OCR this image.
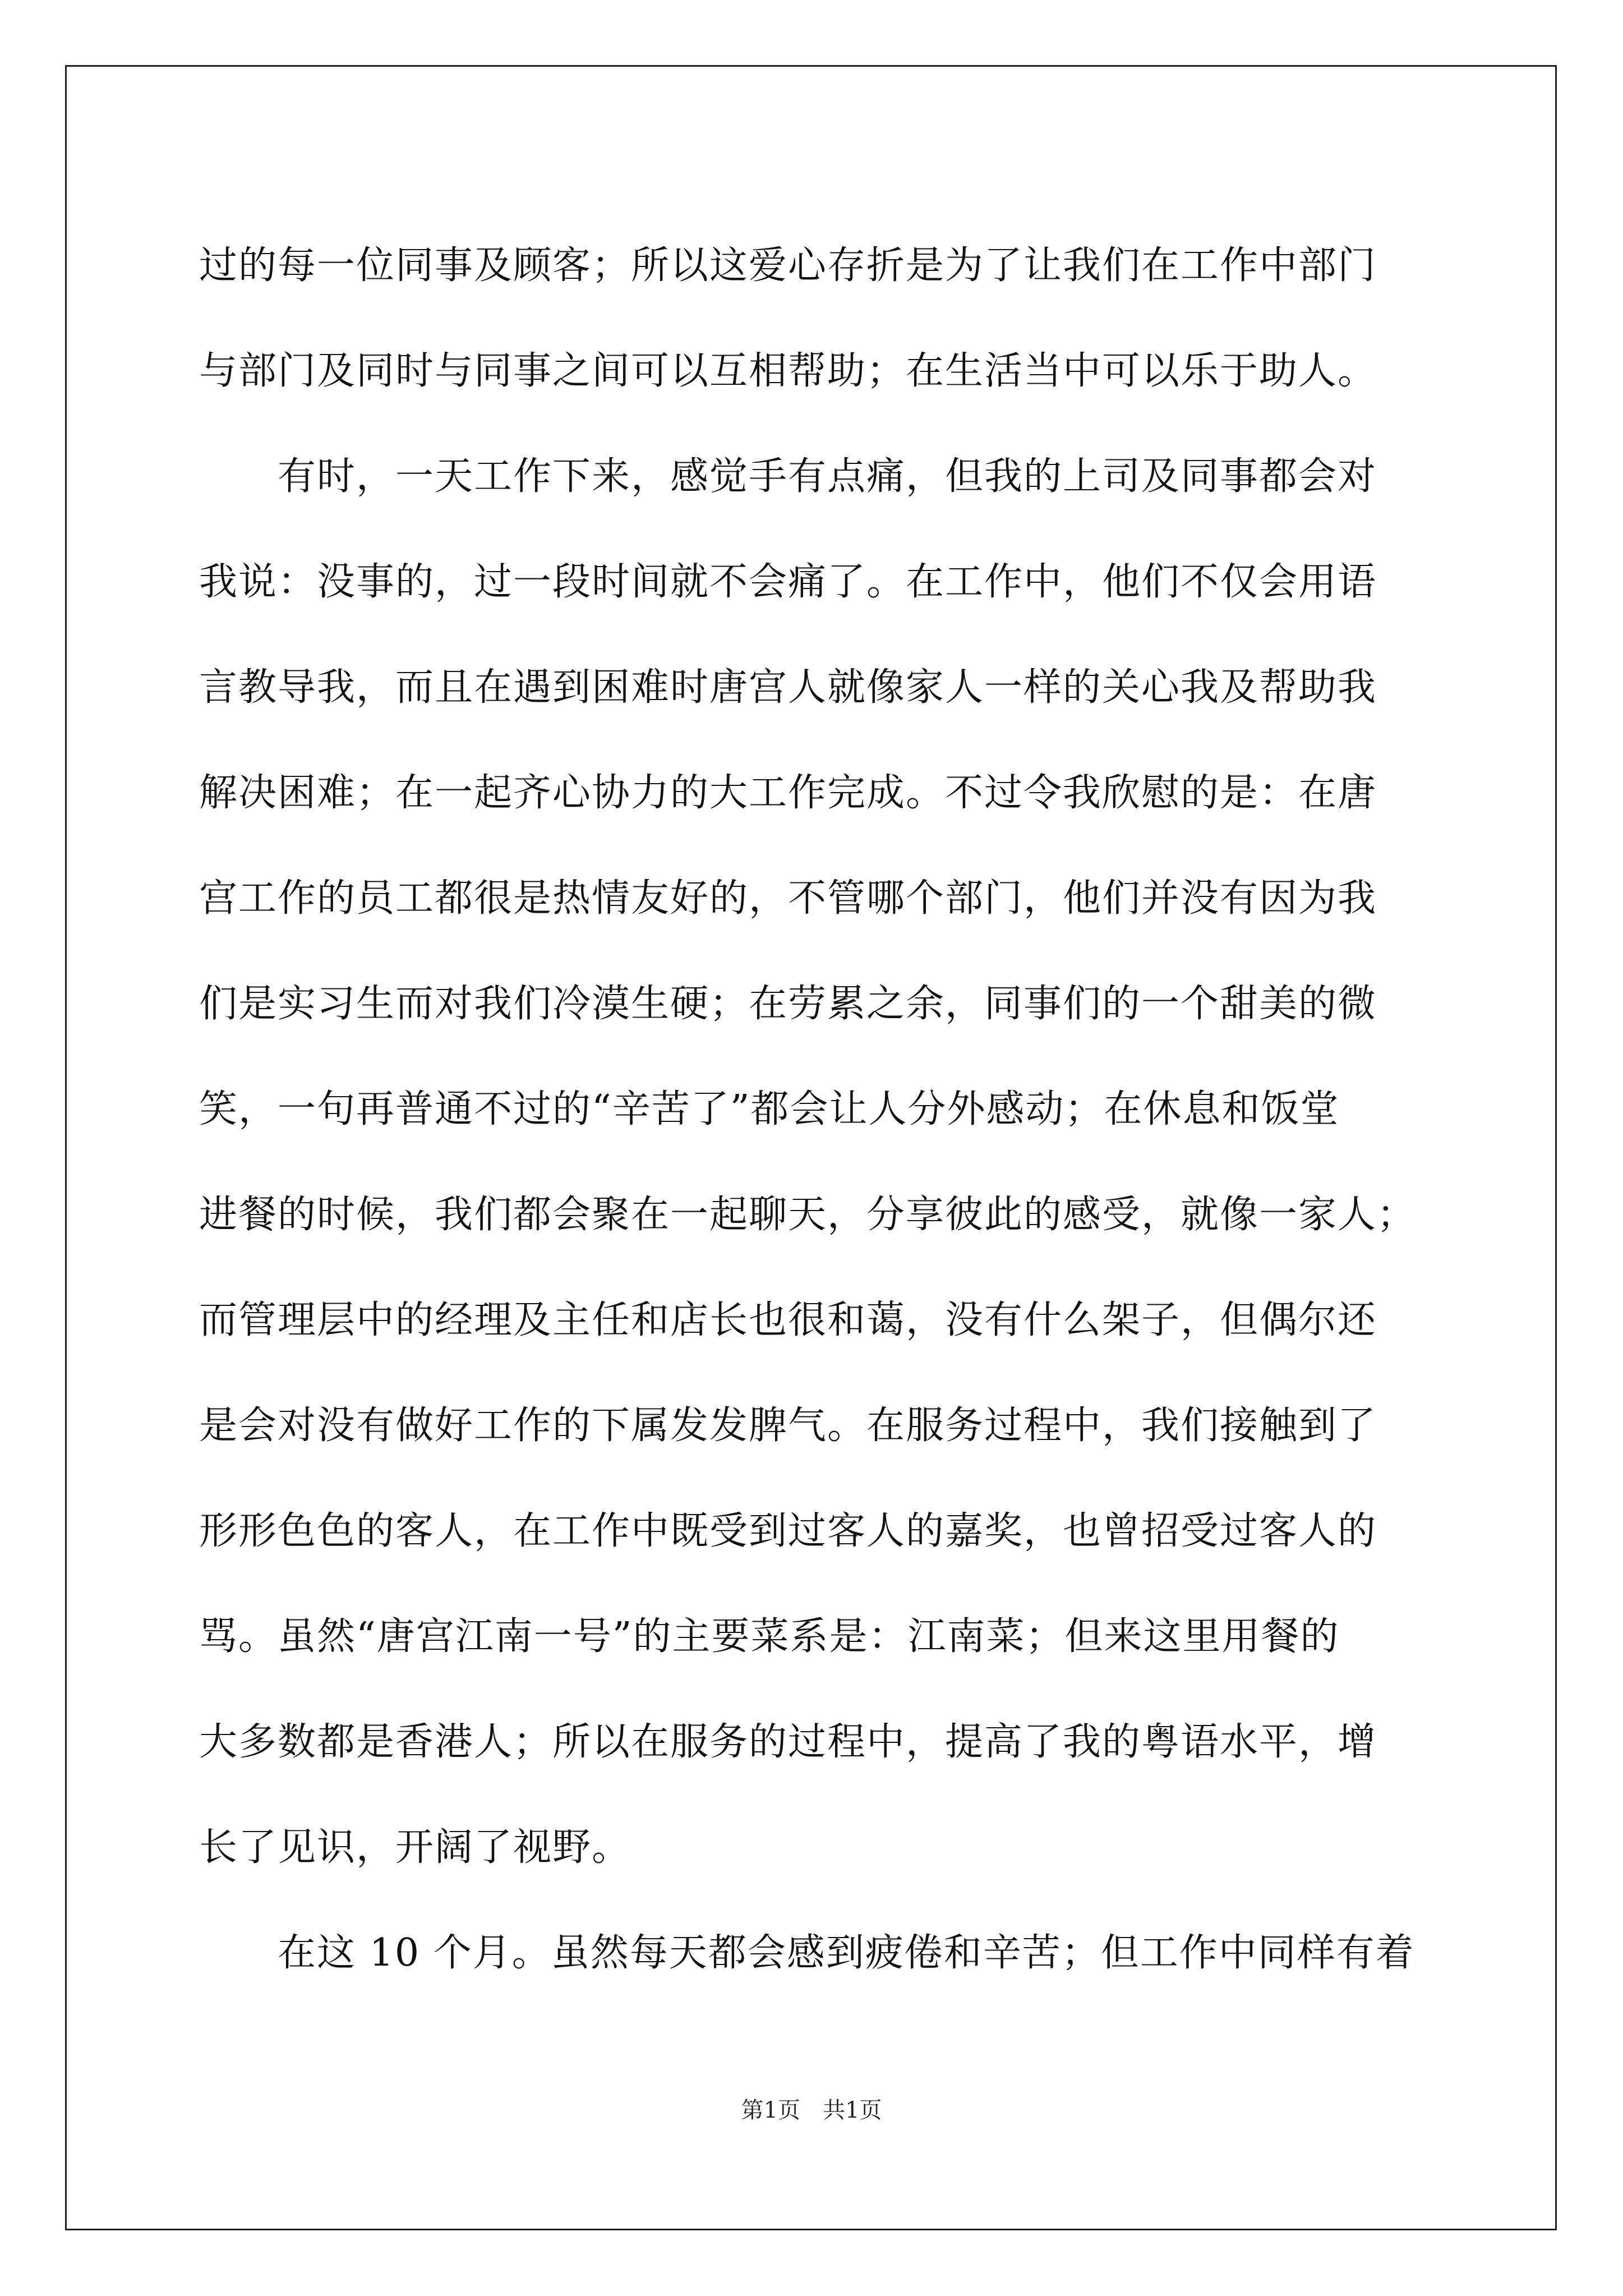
过的每一位同事及顾客；所以这爱心存折是为了让我们在工作中部门
与部门及同时与同事之间可以互相帮助；在生活当中可以乐于助人。
有时，一天工作下来，感觉手有点痛，但我的上司及同事都会对
我说：没事的，过一段时间就不会痛了。在工作中，他们不仅会用语
言教导我，而且在遇到困难时唐宫人就像家人一样的关心我及帮助我
解决困难；在一起齐心协力的大工作完成。不过令我欣慰的是：在唐
宫工作的员工都很是热情友好的，不管哪个部门，他们并没有因为我
们是实习生而对我们冷漠生硬；在劳累之余，同事们的一个甜美的微
笑，一句再普通不过的“辛苦了”都会让人分外感动；在休息和饭堂
进餐的时候，我们都会聚在一起聊天，分享彼此的感受，就像一家人；
而管理层中的经理及主任和店长也很和蔼，没有什么架子，但偶尔还
是会对没有做好工作的下属发发脾气。在服务过程中，我们接触到了
形形色色的客人，在工作中既受到过客人的嘉奖，也曾招受过客人的
骂。虽然“唐宫江南一号”的主要菜系是：江南菜；但来这里用餐的
大多数都是香港人；所以在服务的过程中，提高了我的粤语水平，增
长了见识，开阔了视野。
在这 10 个月。虽然每天都会感到疲倦和辛苦；但工作中同样有着
第1页　共1页
